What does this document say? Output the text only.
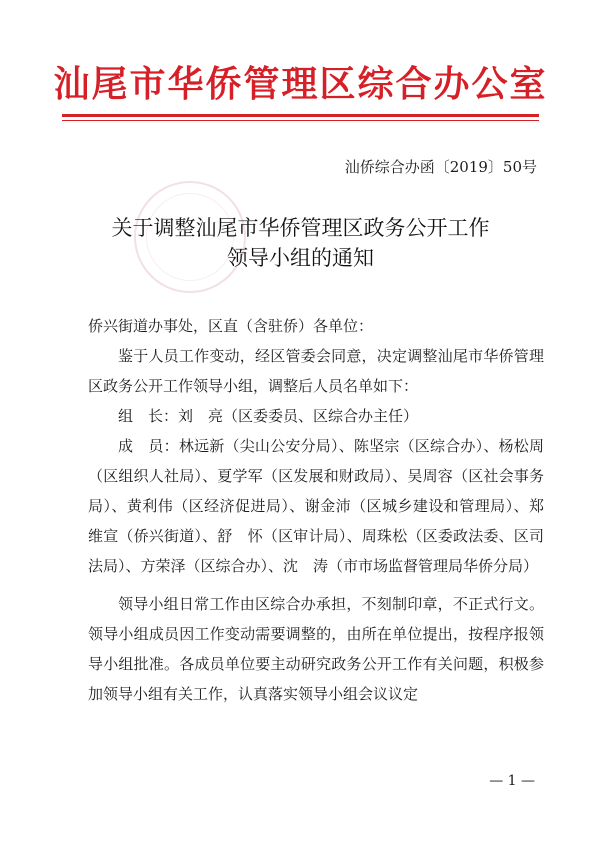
汕尾市华侨管理区综合办公室
汕侨综合办函〔2019〕50号
关于调整汕尾市华侨管理区政务公开工作
领导小组的通知

侨兴街道办事处，区直（含驻侨）各单位：

鉴于人员工作变动，经区管委会同意，决定调整汕尾市华侨管理区政务公开工作领导小组，调整后人员名单如下：

组　长：刘　亮（区委委员、区综合办主任）

成　员：林远新（尖山公安分局）、陈坚宗（区综合办）、杨松周（区组织人社局）、夏学军（区发展和财政局）、吴周容（区社会事务局）、黄利伟（区经济促进局）、谢金沛（区城乡建设和管理局）、郑维宣（侨兴街道）、舒　怀（区审计局）、周珠松（区委政法委、区司法局）、方荣泽（区综合办）、沈　涛（市市场监督管理局华侨分局）

领导小组日常工作由区综合办承担，不刻制印章，不正式行文。领导小组成员因工作变动需要调整的，由所在单位提出，按程序报领导小组批准。各成员单位要主动研究政务公开工作有关问题，积极参加领导小组有关工作，认真落实领导小组会议议定

— 1 —
